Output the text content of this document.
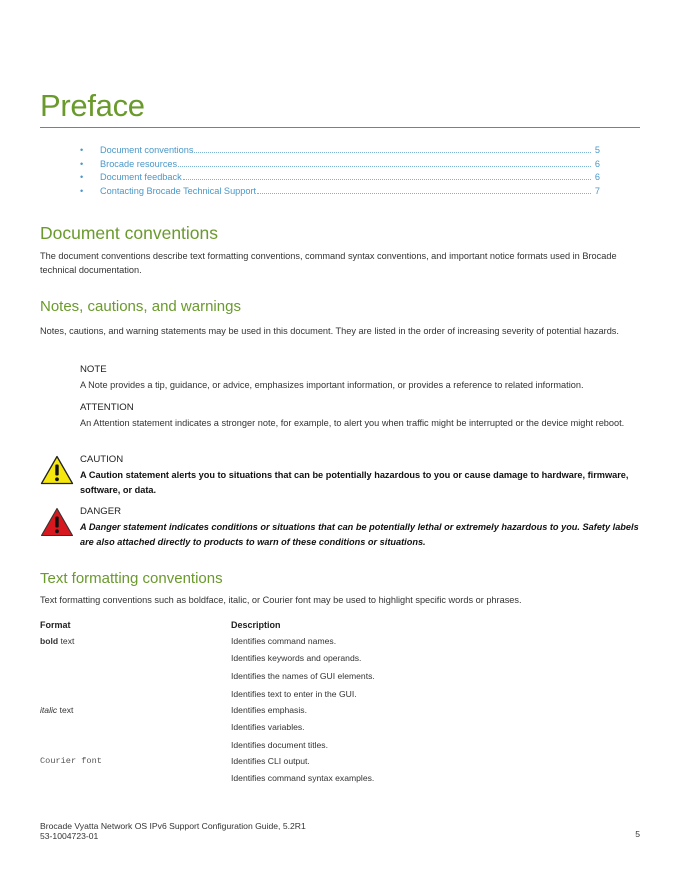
Preface
•	Document conventions	5
•	Brocade resources	6
•	Document feedback	6
•	Contacting Brocade Technical Support	7
Document conventions

The document conventions describe text formatting conventions, command syntax conventions, and important notice formats used in Brocade technical documentation.

Notes, cautions, and warnings

Notes, cautions, and warning statements may be used in this document. They are listed in the order of increasing severity of potential hazards.

NOTE

A Note provides a tip, guidance, or advice, emphasizes important information, or provides a reference to related information.

ATTENTION

An Attention statement indicates a stronger note, for example, to alert you when traffic might be interrupted or the device might reboot.

CAUTION

A Caution statement alerts you to situations that can be potentially hazardous to you or cause damage to hardware, firmware, software, or data.

DANGER

A Danger statement indicates conditions or situations that can be potentially lethal or extremely hazardous to you. Safety labels are also attached directly to products to warn of these conditions or situations.

Text formatting conventions

Text formatting conventions such as boldface, italic, or Courier font may be used to highlight specific words or phrases.

Format	Description
bold text	Identifies command names.
Identifies keywords and operands.
Identifies the names of GUI elements.
Identifies text to enter in the GUI.
italic text	Identifies emphasis.
Identifies variables.
Identifies document titles.
Courier font	Identifies CLI output.
Identifies command syntax examples.
Brocade Vyatta Network OS IPv6 Support Configuration Guide, 5.2R1
53-1004723-01	5
